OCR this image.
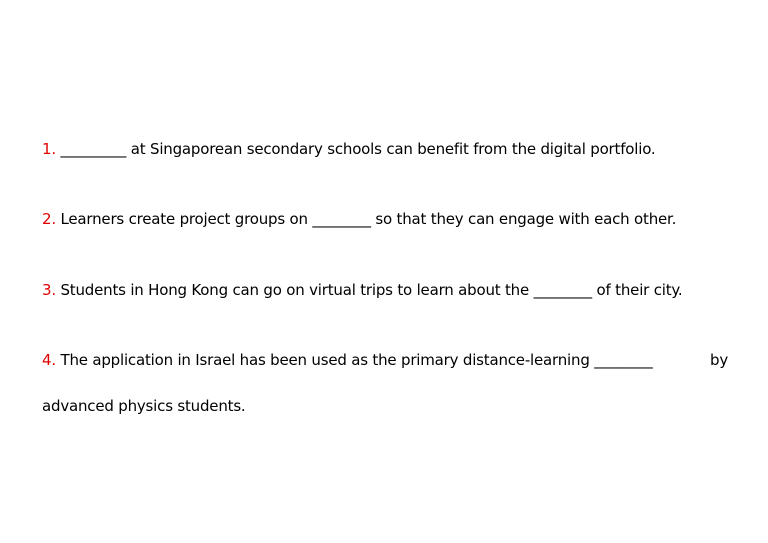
1. _________ at Singaporean secondary schools can benefit from the digital portfolio.

2. Learners create project groups on ________ so that they can engage with each other.

3. Students in Hong Kong can go on virtual trips to learn about the ________ of their city.

4. The application in Israel has been used as the primary distance-learning ________	by

advanced physics students.
